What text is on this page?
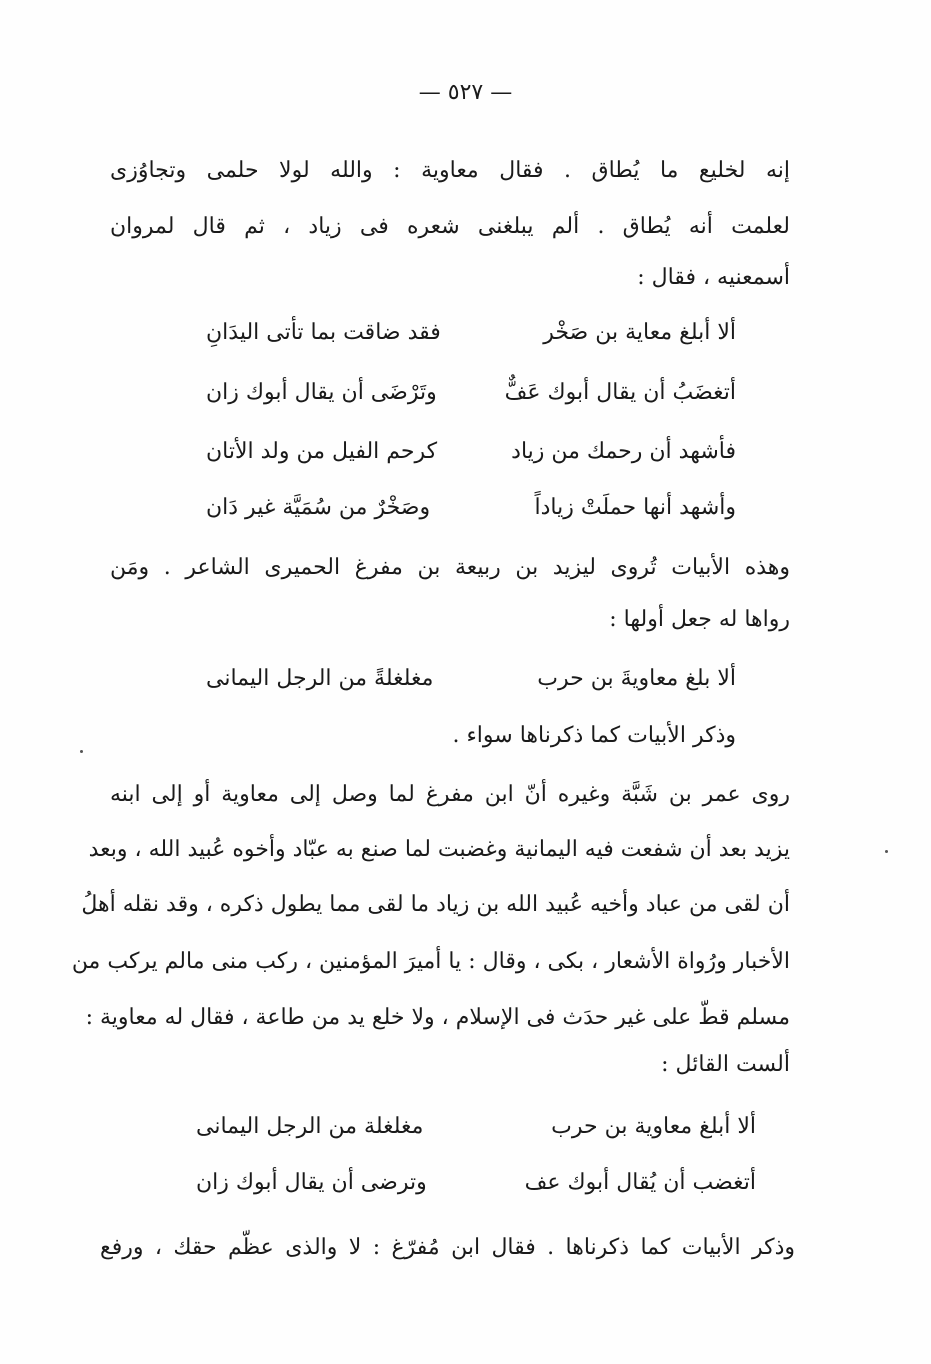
— ٥٢٧ —
إنه لخليع ما يُطاق . فقال معاوية : والله لولا حلمى وتجاوُزى
لعلمت أنه يُطاق . ألم يبلغنى شعره فى زياد ، ثم قال لمروان
أسمعنيه ، فقال :
ألا أبلغ معاية بن صَخْر
فقد ضاقت بما تأتى اليدَانِ
أتغضَبُ أن يقال أبوك عَفٌّ
وتَرْضَى أن يقال أبوك زان
فأشهد أن رحمك من زياد
كرحم الفيل من ولد الأتان
وأشهد أنها حملَتْ زياداً
وصَخْرٌ من سُمَيَّة غير دَان
وهذه الأبيات تُروى ليزيد بن ربيعة بن مفرغ الحميرى الشاعر . ومَن
رواها له جعل أولها :
ألا بلغ معاويةَ بن حرب
مغلغلةً من الرجل اليمانى
وذكر الأبيات كما ذكرناها سواء .
روى عمر بن شَبَّة وغيره أنّ ابن مفرغ لما وصل إلى معاوية أو إلى ابنه
يزيد بعد أن شفعت فيه اليمانية وغضبت لما صنع به عبّاد وأخوه عُبيد الله ، وبعد
أن لقى من عباد وأخيه عُبيد الله بن زياد ما لقى مما يطول ذكره ، وقد نقله أهلُ
الأخبار ورُواة الأشعار ، بكى ، وقال : يا أميرَ المؤمنين ، ركب منى مالم يركب من
مسلم قطّ على غير حدَث فى الإسلام ، ولا خلع يد من طاعة ، فقال له معاوية :
ألست القائل :
ألا أبلغ معاوية بن حرب
مغلغلة من الرجل اليمانى
أتغضب أن يُقال أبوك عف
وترضى أن يقال أبوك زان
وذكر الأبيات كما ذكرناها . فقال ابن مُفرّغ : لا والذى عظّم حقك ، ورفع
